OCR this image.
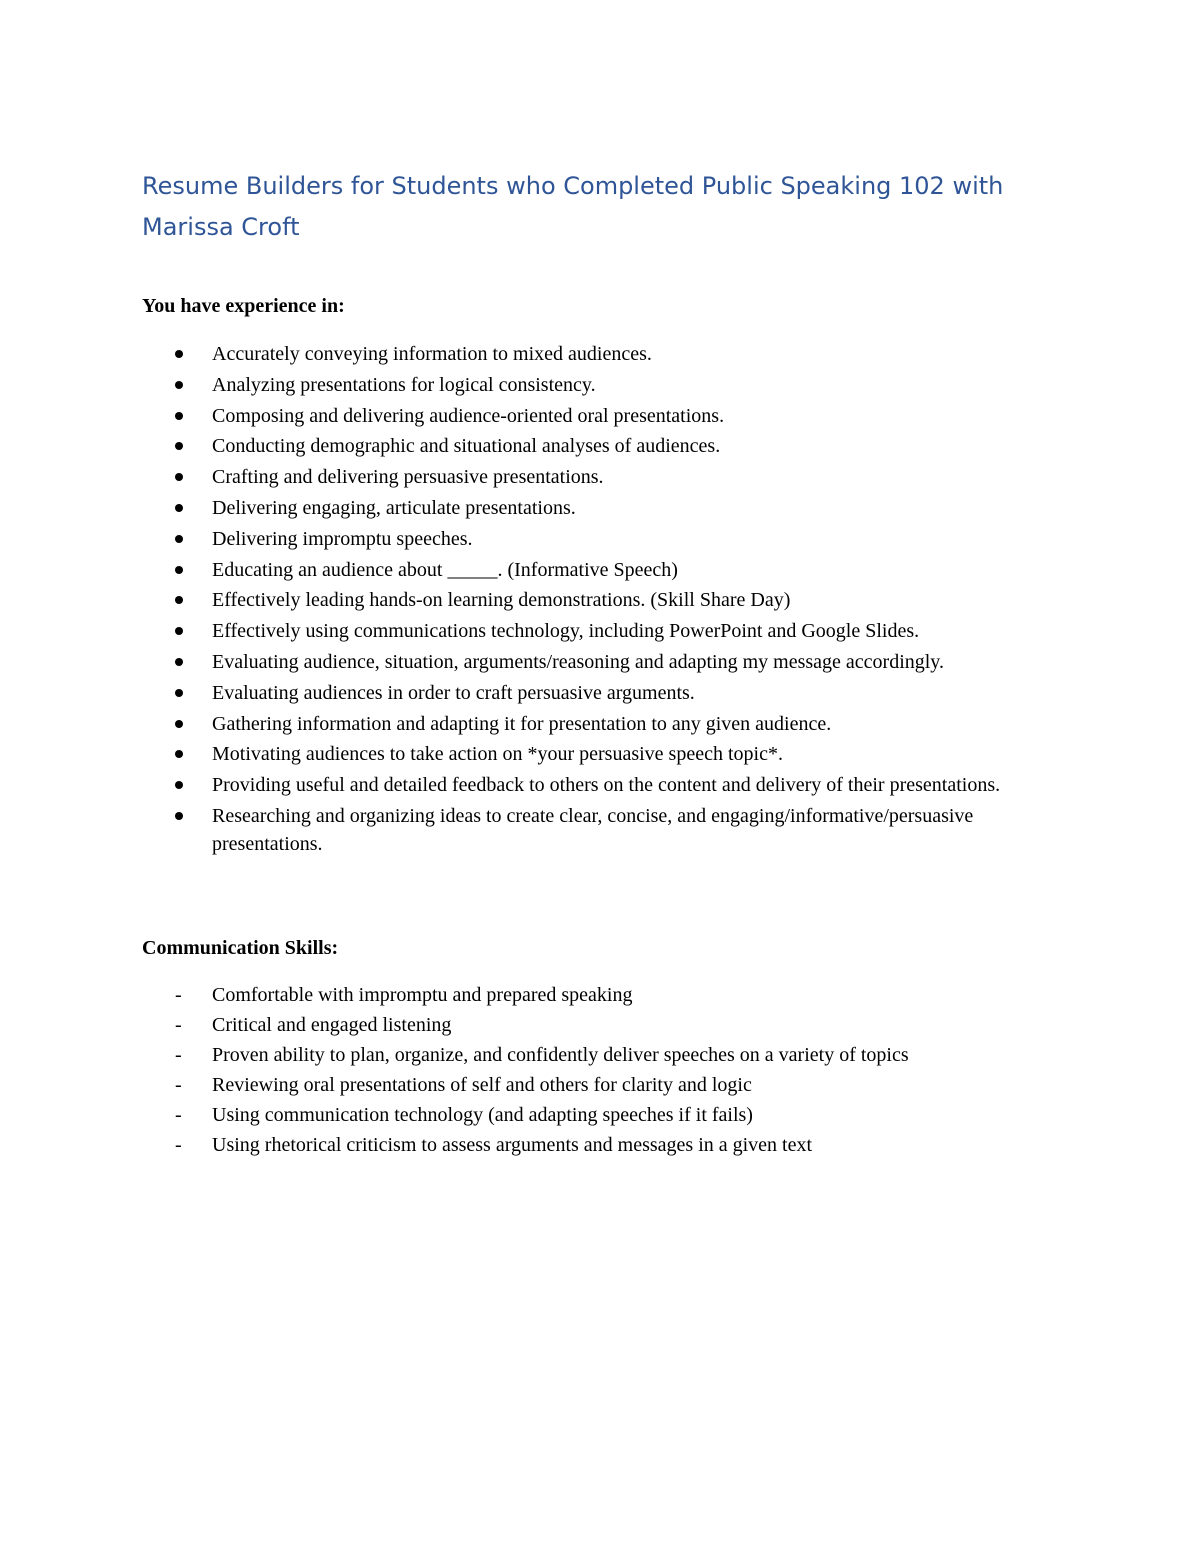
Resume Builders for Students who Completed Public Speaking 102 with Marissa Croft
You have experience in:
Accurately conveying information to mixed audiences.
Analyzing presentations for logical consistency.
Composing and delivering audience-oriented oral presentations.
Conducting demographic and situational analyses of audiences.
Crafting and delivering persuasive presentations.
Delivering engaging, articulate presentations.
Delivering impromptu speeches.
Educating an audience about _____. (Informative Speech)
Effectively leading hands-on learning demonstrations. (Skill Share Day)
Effectively using communications technology, including PowerPoint and Google Slides.
Evaluating audience, situation, arguments/reasoning and adapting my message accordingly.
Evaluating audiences in order to craft persuasive arguments.
Gathering information and adapting it for presentation to any given audience.
Motivating audiences to take action on *your persuasive speech topic*.
Providing useful and detailed feedback to others on the content and delivery of their presentations.
Researching and organizing ideas to create clear, concise, and engaging/informative/persuasive presentations.
Communication Skills:
- Comfortable with impromptu and prepared speaking
- Critical and engaged listening
- Proven ability to plan, organize, and confidently deliver speeches on a variety of topics
- Reviewing oral presentations of self and others for clarity and logic
- Using communication technology (and adapting speeches if it fails)
- Using rhetorical criticism to assess arguments and messages in a given text
